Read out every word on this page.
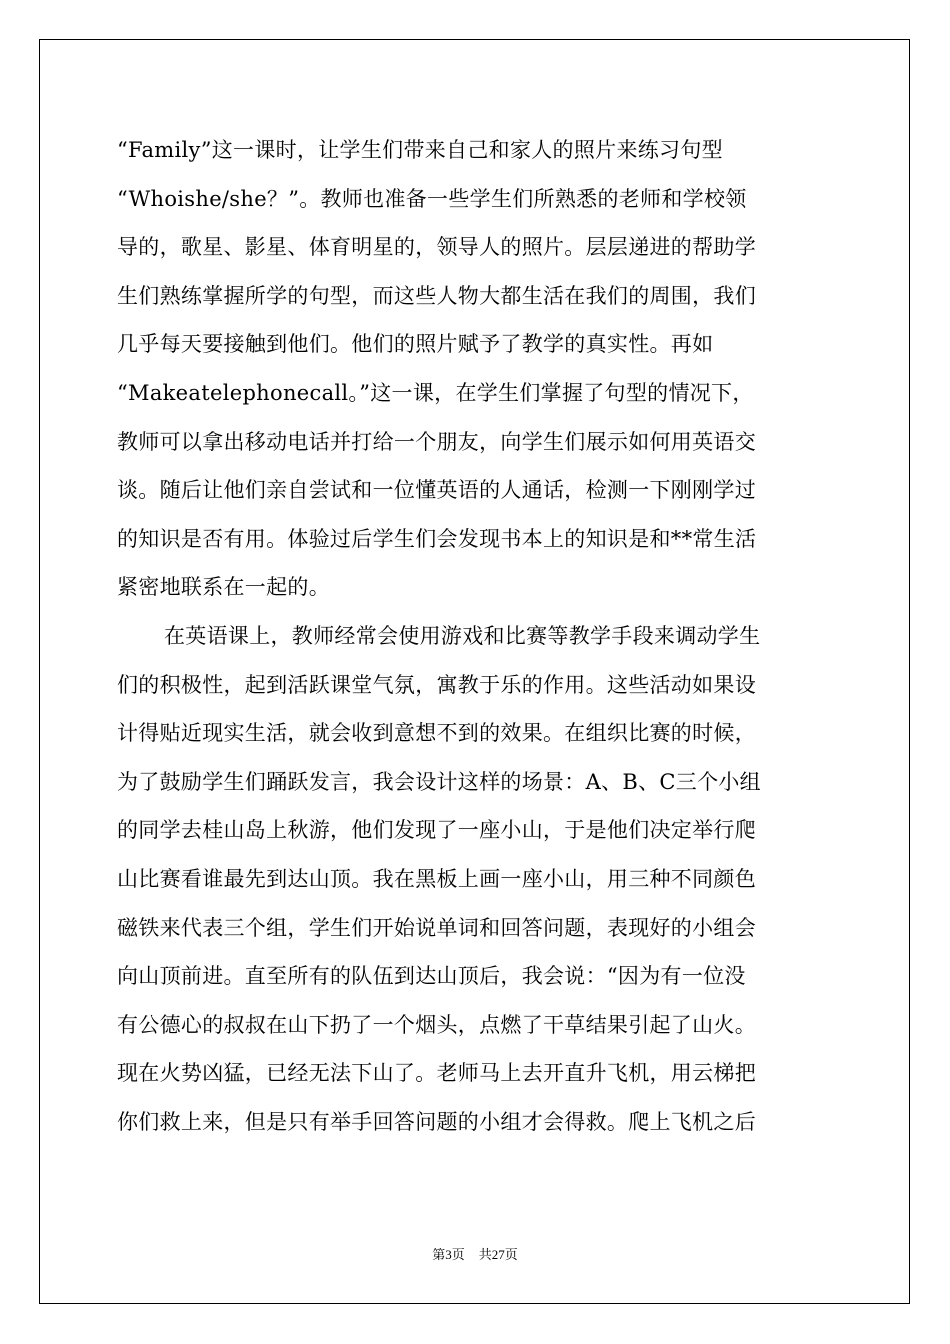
“Family”这一课时，让学生们带来自己和家人的照片来练习句型
“Whoishe/she？”。教师也准备一些学生们所熟悉的老师和学校领
导的，歌星、影星、体育明星的，领导人的照片。层层递进的帮助学
生们熟练掌握所学的句型，而这些人物大都生活在我们的周围，我们
几乎每天要接触到他们。他们的照片赋予了教学的真实性。再如
“Makeatelephonecall。”这一课，在学生们掌握了句型的情况下，
教师可以拿出移动电话并打给一个朋友，向学生们展示如何用英语交
谈。随后让他们亲自尝试和一位懂英语的人通话，检测一下刚刚学过
的知识是否有用。体验过后学生们会发现书本上的知识是和**常生活
紧密地联系在一起的。
在英语课上，教师经常会使用游戏和比赛等教学手段来调动学生
们的积极性，起到活跃课堂气氛，寓教于乐的作用。这些活动如果设
计得贴近现实生活，就会收到意想不到的效果。在组织比赛的时候，
为了鼓励学生们踊跃发言，我会设计这样的场景：A、B、C三个小组
的同学去桂山岛上秋游，他们发现了一座小山，于是他们决定举行爬
山比赛看谁最先到达山顶。我在黑板上画一座小山，用三种不同颜色
磁铁来代表三个组，学生们开始说单词和回答问题，表现好的小组会
向山顶前进。直至所有的队伍到达山顶后，我会说：“因为有一位没
有公德心的叔叔在山下扔了一个烟头，点燃了干草结果引起了山火。
现在火势凶猛，已经无法下山了。老师马上去开直升飞机，用云梯把
你们救上来，但是只有举手回答问题的小组才会得救。爬上飞机之后
第3页 共27页
